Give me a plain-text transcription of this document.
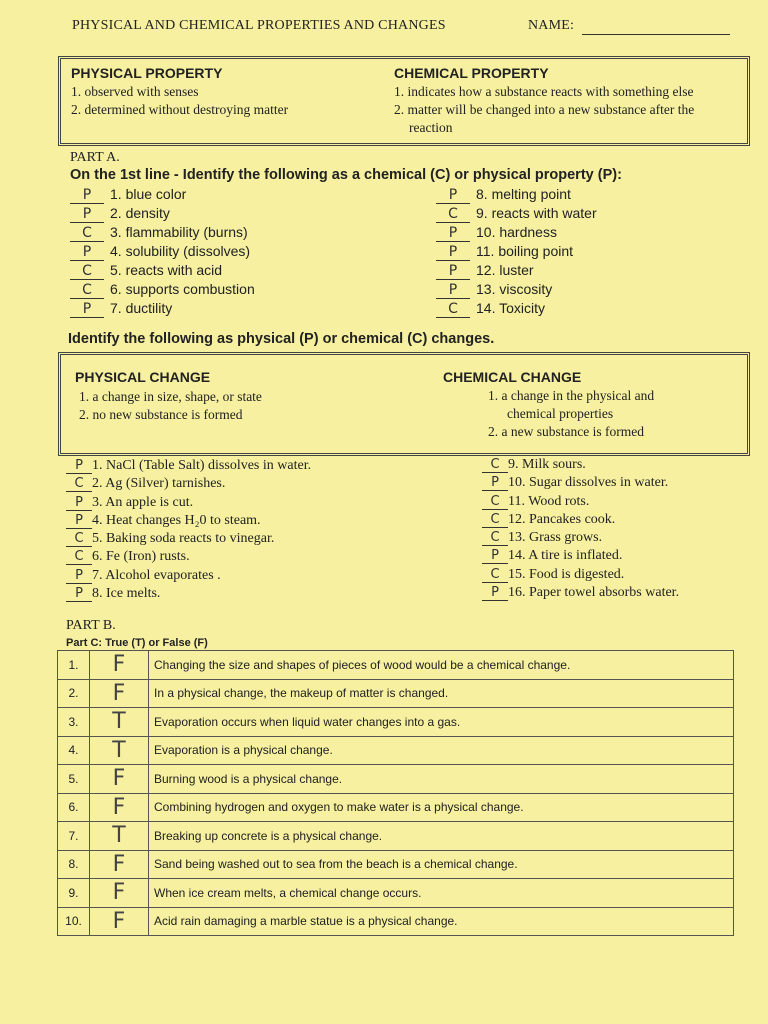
PHYSICAL AND CHEMICAL PROPERTIES AND CHANGES	NAME:
PHYSICAL PROPERTY
1. observed with senses
2. determined without destroying matter
CHEMICAL PROPERTY
1. indicates how a substance reacts with something else
2. matter will be changed into a new substance after the
reaction
PART A.
On the 1st line - Identify the following as a chemical (C) or physical property (P):
P 1. blue color
P 2. density
C 3. flammability (burns)
P 4. solubility (dissolves)
C 5. reacts with acid
C 6. supports combustion
P 7. ductility
P 8. melting point
C 9. reacts with water
P 10. hardness
P 11. boiling point
P 12. luster
P 13. viscosity
C 14. Toxicity
Identify the following as physical (P) or chemical (C) changes.
PHYSICAL CHANGE
1. a change in size, shape, or state
2. no new substance is formed
CHEMICAL CHANGE
1. a change in the physical and
chemical properties
2. a new substance is formed
P 1. NaCl (Table Salt) dissolves in water.
C 2. Ag (Silver) tarnishes.
P 3. An apple is cut.
P 4. Heat changes H₂0 to steam.
C 5. Baking soda reacts to vinegar.
C 6. Fe (Iron) rusts.
P 7. Alcohol evaporates .
P 8. Ice melts.
C 9. Milk sours.
P 10. Sugar dissolves in water.
C 11. Wood rots.
C 12. Pancakes cook.
C 13. Grass grows.
P 14. A tire is inflated.
C 15. Food is digested.
P 16. Paper towel absorbs water.
PART B.
Part C: True (T) or False (F)
1.	F	Changing the size and shapes of pieces of wood would be a chemical change.
2.	F	In a physical change, the makeup of matter is changed.
3.	T	Evaporation occurs when liquid water changes into a gas.
4.	T	Evaporation is a physical change.
5.	F	Burning wood is a physical change.
6.	F	Combining hydrogen and oxygen to make water is a physical change.
7.	T	Breaking up concrete is a physical change.
8.	F	Sand being washed out to sea from the beach is a chemical change.
9.	F	When ice cream melts, a chemical change occurs.
10.	F	Acid rain damaging a marble statue is a physical change.
